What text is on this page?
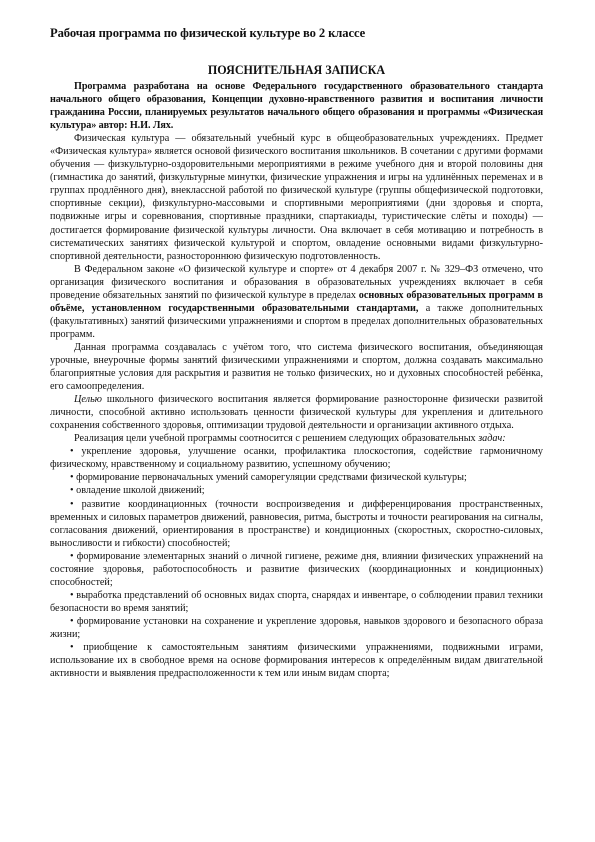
Рабочая программа по физической культуре во 2 классе
ПОЯСНИТЕЛЬНАЯ ЗАПИСКА

Программа разработана на основе Федерального государственного образовательного стандарта начального общего образования, Концепции духовно-нравственного развития и воспитания личности гражданина России, планируемых результатов начального общего образования и программы «Физическая культура» автор: Н.И. Лях.

Физическая культура — обязательный учебный курс в общеобразовательных учреждениях. Предмет «Физическая культура» является основой физического воспитания школьников. В сочетании с другими формами обучения — физкультурно-оздоровительными мероприятиями в режиме учебного дня и второй половины дня (гимнастика до занятий, физкультурные минутки, физические упражнения и игры на удлинённых переменах и в группах продлённого дня), внеклассной работой по физической культуре (группы общефизической подготовки, спортивные секции), физкультурно-массовыми и спортивными мероприятиями (дни здоровья и спорта, подвижные игры и соревнования, спортивные праздники, спартакиады, туристические слёты и походы) — достигается формирование физической культуры личности. Она включает в себя мотивацию и потребность в систематических занятиях физической культурой и спортом, овладение основными видами физкультурно-спортивной деятельности, разностороннюю физическую подготовленность.

В Федеральном законе «О физической культуре и спорте» от 4 декабря 2007 г. № 329–ФЗ отмечено, что организация физического воспитания и образования в образовательных учреждениях включает в себя проведение обязательных занятий по физической культуре в пределах основных образовательных программ в объёме, установленном государственными образовательными стандартами, а также дополнительных (факультативных) занятий физическими упражнениями и спортом в пределах дополнительных образовательных программ.

Данная программа создавалась с учётом того, что система физического воспитания, объединяющая урочные, внеурочные формы занятий физическими упражнениями и спортом, должна создавать максимально благоприятные условия для раскрытия и развития не только физических, но и духовных способностей ребёнка, его самоопределения.

Целью школьного физического воспитания является формирование разносторонне физически развитой личности, способной активно использовать ценности физической культуры для укрепления и длительного сохранения собственного здоровья, оптимизации трудовой деятельности и организации активного отдыха.

Реализация цели учебной программы соотносится с решением следующих образовательных задач:

• укрепление здоровья, улучшение осанки, профилактика плоскостопия, содействие гармоничному физическому, нравственному и социальному развитию, успешному обучению;

• формирование первоначальных умений саморегуляции средствами физической культуры;

• овладение школой движений;

• развитие координационных (точности воспроизведения и дифференцирования пространственных, временных и силовых параметров движений, равновесия, ритма, быстроты и точности реагирования на сигналы, согласования движений, ориентирования в пространстве) и кондиционных (скоростных, скоростно-силовых, выносливости и гибкости) способностей;

• формирование элементарных знаний о личной гигиене, режиме дня, влиянии физических упражнений на состояние здоровья, работоспособность и развитие физических (координационных и кондиционных) способностей;

• выработка представлений об основных видах спорта, снарядах и инвентаре, о соблюдении правил техники безопасности во время занятий;

• формирование установки на сохранение и укрепление здоровья, навыков здорового и безопасного образа жизни;

• приобщение к самостоятельным занятиям физическими упражнениями, подвижными играми, использование их в свободное время на основе формирования интересов к определённым видам двигательной активности и выявления предрасположенности к тем или иным видам спорта;
